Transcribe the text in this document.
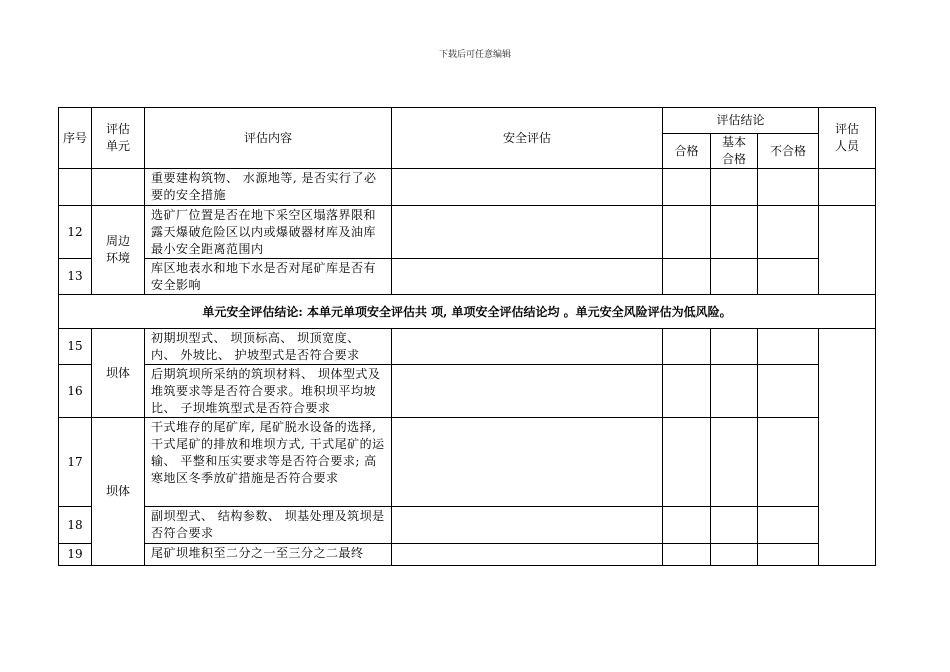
下载后可任意编辑
序号	评估单元	评估内容	安全评估	评估结论			评估人员
				合格	基本合格	不合格	
		重要建构筑物、 水源地等, 是否实行了必要的安全措施					
12	周边环境	选矿厂位置是否在地下采空区塌落界限和露天爆破危险区以内或爆破器材库及油库最小安全距离范围内					
13		库区地表水和地下水是否对尾矿库是否有安全影响					
单元安全评估结论: 本单元单项安全评估共 项, 单项安全评估结论均 。单元安全风险评估为低风险。							
15	坝体	初期坝型式、 坝顶标高、 坝顶宽度、 内、 外坡比、 护坡型式是否符合要求					
16		后期筑坝所采纳的筑坝材料、 坝体型式及堆筑要求等是否符合要求。堆积坝平均坡比、 子坝堆筑型式是否符合要求					
17	坝体	干式堆存的尾矿库, 尾矿脱水设备的选择, 干式尾矿的排放和堆坝方式, 干式尾矿的运输、 平整和压实要求等是否符合要求; 高寒地区冬季放矿措施是否符合要求					
18		副坝型式、 结构参数、 坝基处理及筑坝是否符合要求					
19		尾矿坝堆积至二分之一至三分之二最终					
